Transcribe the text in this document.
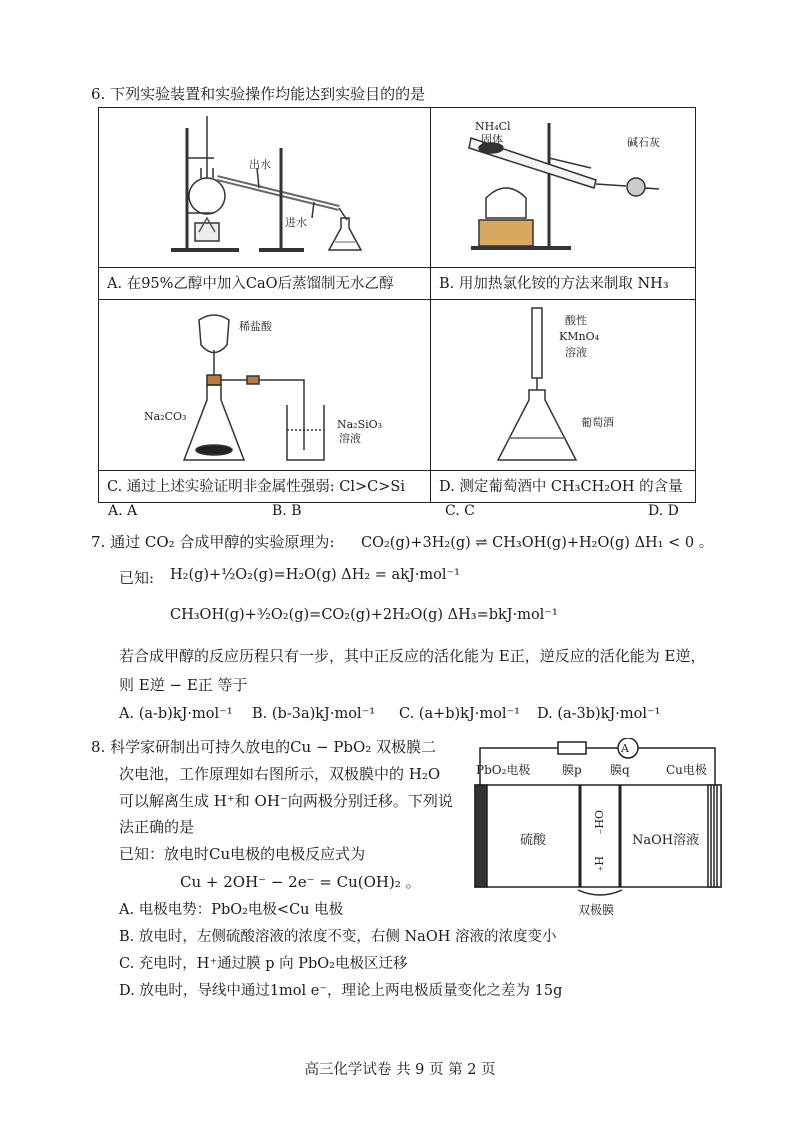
6. 下列实验装置和实验操作均能达到实验目的的是
出水
进水
A. 在95%乙醇中加入CaO后蒸馏制无水乙醇
NH₄Cl
固体	碱石灰
B. 用加热氯化铵的方法来制取 NH₃
稀盐酸
Na₂CO₃
Na₂SiO₃
溶液
C. 通过上述实验证明非金属性强弱: Cl>C>Si
酸性
KMnO₄
溶液
葡萄酒
D. 测定葡萄酒中 CH₃CH₂OH 的含量
A. A	B. B	C. C	D. D
7. 通过 CO₂ 合成甲醇的实验原理为: CO₂(g)+3H₂(g) ⇌ CH₃OH(g)+H₂O(g) ΔH₁ < 0 。
已知: H₂(g)+½O₂(g)=H₂O(g) ΔH₂ = akJ·mol⁻¹
CH₃OH(g)+³⁄₂O₂(g)=CO₂(g)+2H₂O(g) ΔH₃=bkJ·mol⁻¹
若合成甲醇的反应历程只有一步，其中正反应的活化能为 E正，逆反应的活化能为 E逆，
则 E逆 − E正 等于
A. (a-b)kJ·mol⁻¹ B. (b-3a)kJ·mol⁻¹ C. (a+b)kJ·mol⁻¹ D. (a-3b)kJ·mol⁻¹
8. 科学家研制出可持久放电的Cu − PbO₂ 双极膜二
次电池，工作原理如右图所示，双极膜中的 H₂O
可以解离生成 H⁺和 OH⁻向两极分别迁移。下列说
法正确的是
已知：放电时Cu电极的电极反应式为
Cu + 2OH⁻ − 2e⁻ = Cu(OH)₂ 。
A
PbO₂电极	膜p 膜q	Cu电极
硫酸	NaOH溶液
OH⁻
H⁺
双极膜
A. 电极电势：PbO₂电极<Cu 电极
B. 放电时，左侧硫酸溶液的浓度不变，右侧 NaOH 溶液的浓度变小
C. 充电时，H⁺通过膜 p 向 PbO₂电极区迁移
D. 放电时，导线中通过1mol e⁻，理论上两电极质量变化之差为 15g
高三化学试卷 共 9 页 第 2 页
